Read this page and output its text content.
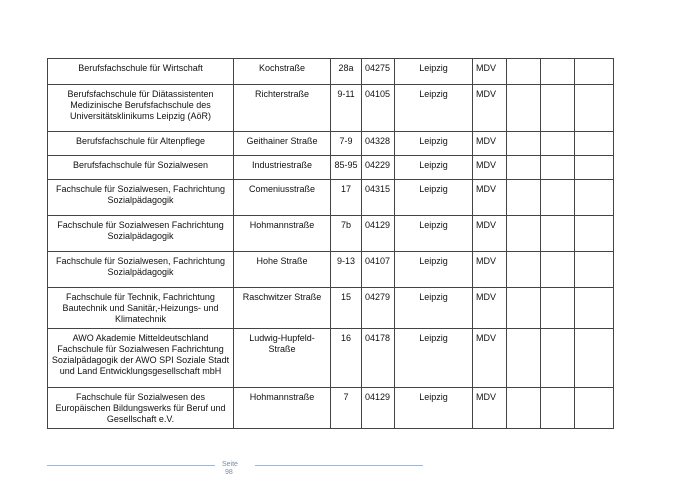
Berufsfachschule für Wirtschaft	Kochstraße	28a	04275	Leipzig	MDV			
Berufsfachschule für Diätassistenten Medizinische Berufsfachschule des Universitätsklinikums Leipzig (AöR)	Richterstraße	9-11	04105	Leipzig	MDV			
Berufsfachschule für Altenpflege	Geithainer Straße	7-9	04328	Leipzig	MDV			
Berufsfachschule für Sozialwesen	Industriestraße	85-95	04229	Leipzig	MDV			
Fachschule für Sozialwesen, Fachrichtung Sozialpädagogik	Comeniusstraße	17	04315	Leipzig	MDV			
Fachschule für Sozialwesen Fachrichtung Sozialpädagogik	Hohmannstraße	7b	04129	Leipzig	MDV			
Fachschule für Sozialwesen, Fachrichtung Sozialpädagogik	Hohe Straße	9-13	04107	Leipzig	MDV			
Fachschule für Technik, Fachrichtung Bautechnik und Sanitär,-Heizungs- und Klimatechnik	Raschwitzer Straße	15	04279	Leipzig	MDV			
AWO Akademie Mitteldeutschland Fachschule für Sozialwesen Fachrichtung Sozialpädagogik der AWO SPI Soziale Stadt und Land Entwicklungsgesellschaft mbH	Ludwig-Hupfeld-Straße	16	04178	Leipzig	MDV			
Fachschule für Sozialwesen des Europäischen Bildungswerks für Beruf und Gesellschaft e.V.	Hohmannstraße	7	04129	Leipzig	MDV			
Seite
98
